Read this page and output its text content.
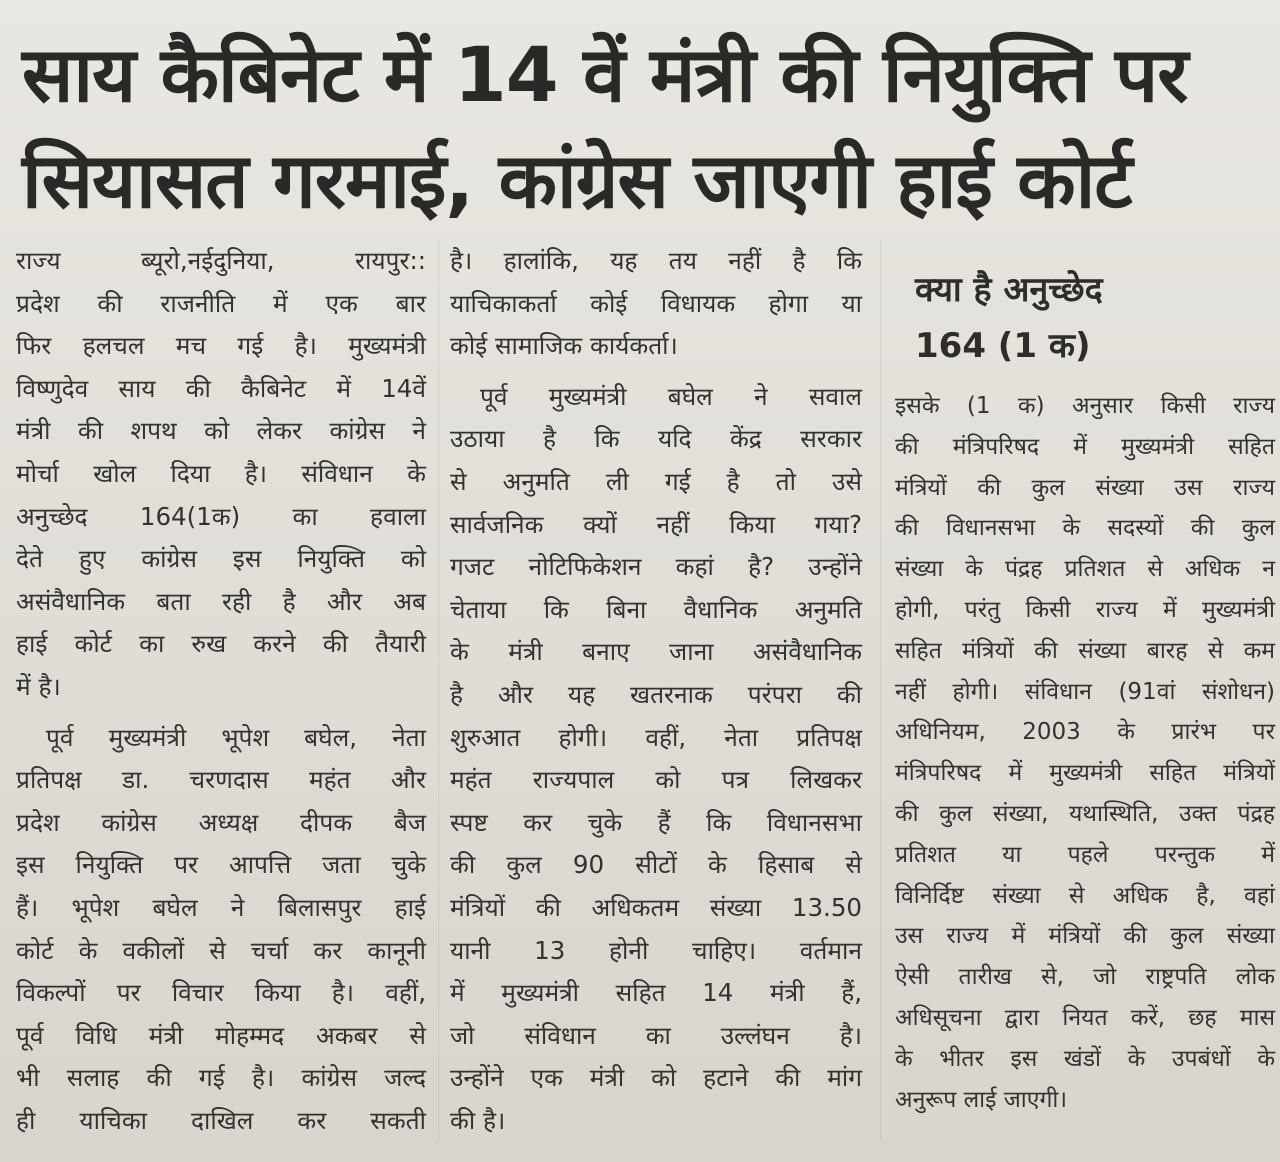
साय कैबिनेट में 14 वें मंत्री की नियुक्ति पर
सियासत गरमाई, कांग्रेस जाएगी हाई कोर्ट

राज्य ब्यूरो,नईदुनिया, रायपुर::

प्रदेश की राजनीति में एक बार

फिर हलचल मच गई है। मुख्यमंत्री

विष्णुदेव साय की कैबिनेट में 14वें

मंत्री की शपथ को लेकर कांग्रेस ने

मोर्चा खोल दिया है। संविधान के

अनुच्छेद 164(1क) का हवाला

देते हुए कांग्रेस इस नियुक्ति को

असंवैधानिक बता रही है और अब

हाई कोर्ट का रुख करने की तैयारी

में है।

पूर्व मुख्यमंत्री भूपेश बघेल, नेता

प्रतिपक्ष डा. चरणदास महंत और

प्रदेश कांग्रेस अध्यक्ष दीपक बैज

इस नियुक्ति पर आपत्ति जता चुके

हैं। भूपेश बघेल ने बिलासपुर हाई

कोर्ट के वकीलों से चर्चा कर कानूनी

विकल्पों पर विचार किया है। वहीं,

पूर्व विधि मंत्री मोहम्मद अकबर से

भी सलाह की गई है। कांग्रेस जल्द

ही याचिका दाखिल कर सकती

है। हालांकि, यह तय नहीं है कि

याचिकाकर्ता कोई विधायक होगा या

कोई सामाजिक कार्यकर्ता।

पूर्व मुख्यमंत्री बघेल ने सवाल

उठाया है कि यदि केंद्र सरकार

से अनुमति ली गई है तो उसे

सार्वजनिक क्यों नहीं किया गया?

गजट नोटिफिकेशन कहां है? उन्होंने

चेताया कि बिना वैधानिक अनुमति

के मंत्री बनाए जाना असंवैधानिक

है और यह खतरनाक परंपरा की

शुरुआत होगी। वहीं, नेता प्रतिपक्ष

महंत राज्यपाल को पत्र लिखकर

स्पष्ट कर चुके हैं कि विधानसभा

की कुल 90 सीटों के हिसाब से

मंत्रियों की अधिकतम संख्या 13.50

यानी 13 होनी चाहिए। वर्तमान

में मुख्यमंत्री सहित 14 मंत्री हैं,

जो संविधान का उल्लंघन है।

उन्होंने एक मंत्री को हटाने की मांग

की है।

क्या है अनुच्छेद
164 (1 क)

इसके (1 क) अनुसार किसी राज्य

की मंत्रिपरिषद में मुख्यमंत्री सहित

मंत्रियों की कुल संख्या उस राज्य

की विधानसभा के सदस्यों की कुल

संख्या के पंद्रह प्रतिशत से अधिक न

होगी, परंतु किसी राज्य में मुख्यमंत्री

सहित मंत्रियों की संख्या बारह से कम

नहीं होगी। संविधान (91वां संशोधन)

अधिनियम, 2003 के प्रारंभ पर

मंत्रिपरिषद में मुख्यमंत्री सहित मंत्रियों

की कुल संख्या, यथास्थिति, उक्त पंद्रह

प्रतिशत या पहले परन्तुक में

विनिर्दिष्ट संख्या से अधिक है, वहां

उस राज्य में मंत्रियों की कुल संख्या

ऐसी तारीख से, जो राष्ट्रपति लोक

अधिसूचना द्वारा नियत करें, छह मास

के भीतर इस खंडों के उपबंधों के

अनुरूप लाई जाएगी।
